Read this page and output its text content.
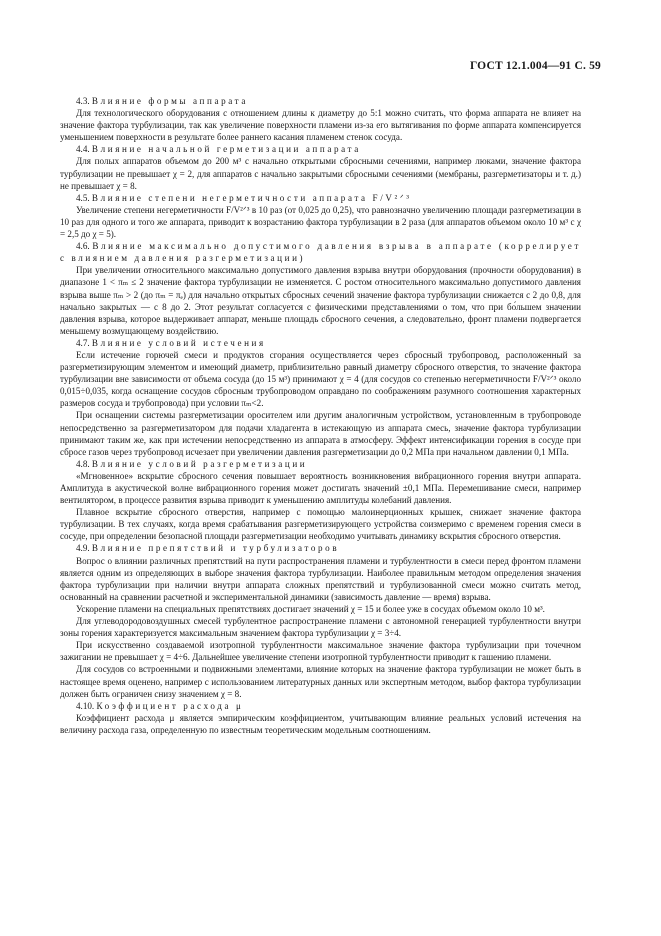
ГОСТ 12.1.004—91 С. 59

4.3. Влияние формы аппарата

Для технологического оборудования с отношением длины к диаметру до 5:1 можно считать, что форма аппарата не влияет на значение фактора турбулизации, так как увеличение поверхности пламени из-за его вытягивания по форме аппарата компенсируется уменьшением поверхности в результате более раннего касания пламенем стенок сосуда.

4.4. Влияние начальной герметизации аппарата

Для полых аппаратов объемом до 200 м³ с начально открытыми сбросными сечениями, например люками, значение фактора турбулизации не превышает χ = 2, для аппаратов с начально закрытыми сбросными сечениями (мембраны, разгерметизаторы и т. д.) не превышает χ = 8.

4.5. Влияние степени негерметичности аппарата F/V²ᐟ³

Увеличение степени негерметичности F/V²ᐟ³ в 10 раз (от 0,025 до 0,25), что равнозначно увеличению площади разгерметизации в 10 раз для одного и того же аппарата, приводит к возрастанию фактора турбулизации в 2 раза (для аппаратов объемом около 10 м³ с χ = 2,5 до χ = 5).

4.6. Влияние максимально допустимого давления взрыва в аппарате (коррелирует с влиянием давления разгерметизации)

При увеличении относительного максимально допустимого давления взрыва внутри оборудования (прочности оборудования) в диапазоне 1 < πₘ ≤ 2 значение фактора турбулизации не изменяется. С ростом относительного максимально допустимого давления взрыва выше πₘ > 2 (до πₘ = πₑ) для начально открытых сбросных сечений значение фактора турбулизации снижается с 2 до 0,8, для начально закрытых — с 8 до 2. Этот результат согласуется с физическими представлениями о том, что при бо́льшем значении давления взрыва, которое выдерживает аппарат, меньше площадь сбросного сечения, а следовательно, фронт пламени подвергается меньшему возмущающему воздействию.

4.7. Влияние условий истечения

Если истечение горючей смеси и продуктов сгорания осуществляется через сбросный трубопровод, расположенный за разгерметизирующим элементом и имеющий диаметр, приблизительно равный диаметру сбросного отверстия, то значение фактора турбулизации вне зависимости от объема сосуда (до 15 м³) принимают χ = 4 (для сосудов со степенью негерметичности F/V²ᐟ³ около 0,015÷0,035, когда оснащение сосудов сбросным трубопроводом оправдано по соображениям разумного соотношения характерных размеров сосуда и трубопровода) при условии πₘ<2.

При оснащении системы разгерметизации оросителем или другим аналогичным устройством, установленным в трубопроводе непосредственно за разгерметизатором для подачи хладагента в истекающую из аппарата смесь, значение фактора турбулизации принимают таким же, как при истечении непосредственно из аппарата в атмосферу. Эффект интенсификации горения в сосуде при сбросе газов через трубопровод исчезает при увеличении давления разгерметизации до 0,2 МПа при начальном давлении 0,1 МПа.

4.8. Влияние условий разгерметизации

«Мгновенное» вскрытие сбросного сечения повышает вероятность возникновения вибрационного горения внутри аппарата. Амплитуда в акустической волне вибрационного горения может достигать значений ±0,1 МПа. Перемешивание смеси, например вентилятором, в процессе развития взрыва приводит к уменьшению амплитуды колебаний давления.

Плавное вскрытие сбросного отверстия, например с помощью малоинерционных крышек, снижает значение фактора турбулизации. В тех случаях, когда время срабатывания разгерметизирующего устройства соизмеримо с временем горения смеси в сосуде, при определении безопасной площади разгерметизации необходимо учитывать динамику вскрытия сбросного отверстия.

4.9. Влияние препятствий и турбулизаторов

Вопрос о влиянии различных препятствий на пути распространения пламени и турбулентности в смеси перед фронтом пламени является одним из определяющих в выборе значения фактора турбулизации. Наиболее правильным методом определения значения фактора турбулизации при наличии внутри аппарата сложных препятствий и турбулизованной смеси можно считать метод, основанный на сравнении расчетной и экспериментальной динамики (зависимость давление — время) взрыва.

Ускорение пламени на специальных препятствиях достигает значений χ = 15 и более уже в сосудах объемом около 10 м³.

Для углеводородовоздушных смесей турбулентное распространение пламени с автономной генерацией турбулентности внутри зоны горения характеризуется максимальным значением фактора турбулизации χ = 3÷4.

При искусственно создаваемой изотропной турбулентности максимальное значение фактора турбулизации при точечном зажигании не превышает χ = 4÷6. Дальнейшее увеличение степени изотропной турбулентности приводит к гашению пламени.

Для сосудов со встроенными и подвижными элементами, влияние которых на значение фактора турбулизации не может быть в настоящее время оценено, например с использованием литературных данных или экспертным методом, выбор фактора турбулизации должен быть ограничен снизу значением χ = 8.

4.10. Коэффициент расхода μ

Коэффициент расхода μ является эмпирическим коэффициентом, учитывающим влияние реальных условий истечения на величину расхода газа, определенную по известным теоретическим модельным соотношениям.
